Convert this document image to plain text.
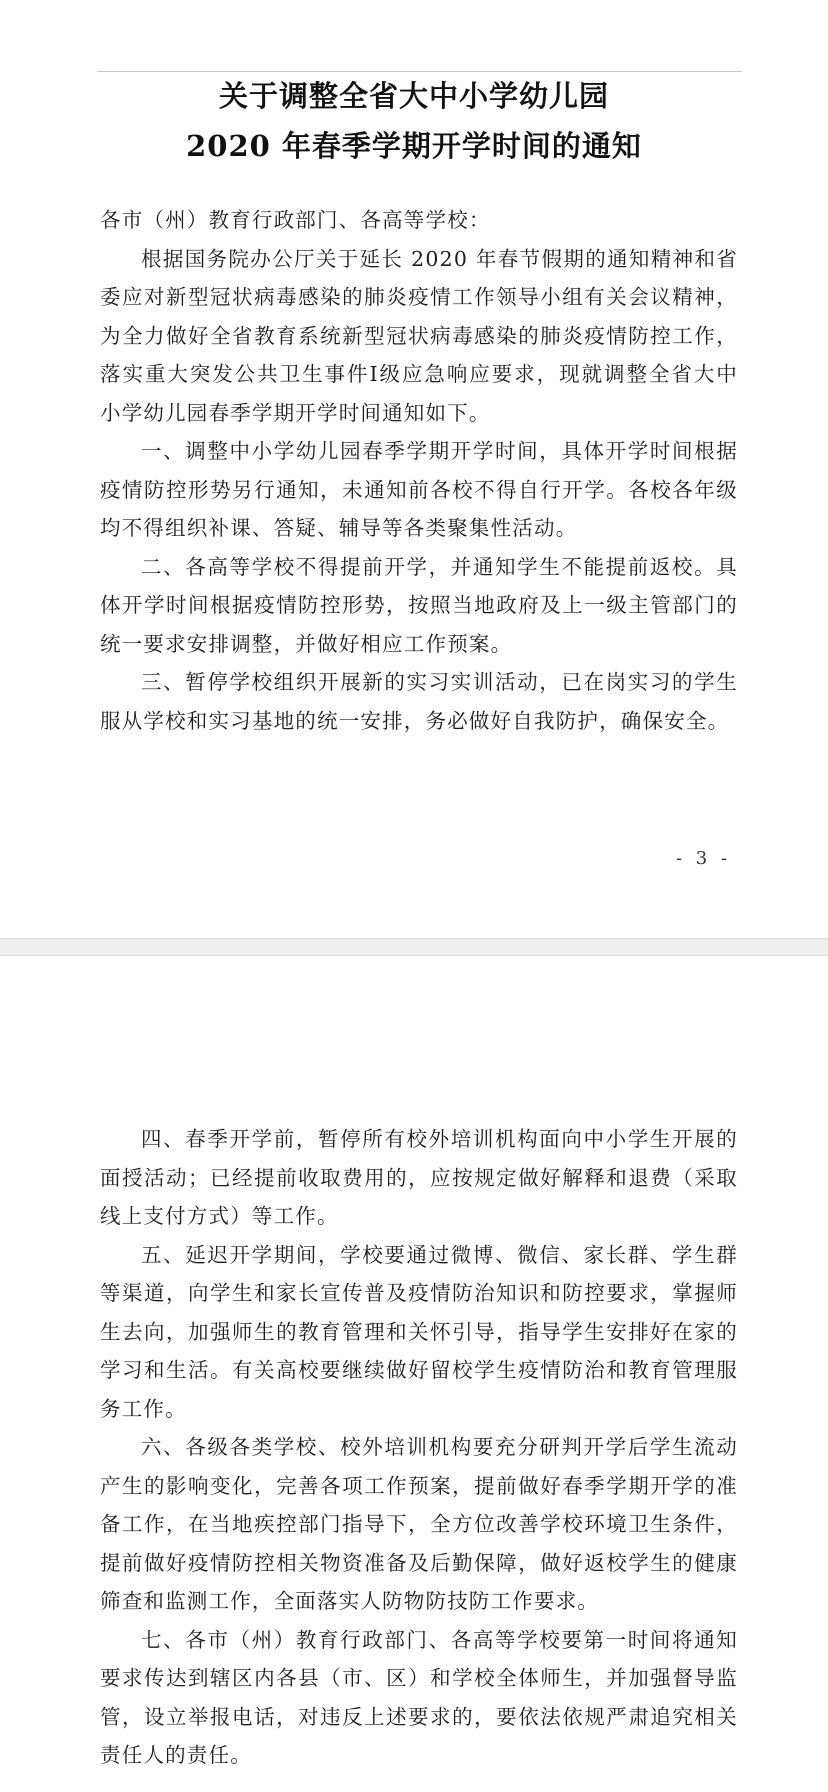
关于调整全省大中小学幼儿园
2020 年春季学期开学时间的通知

各市（州）教育行政部门、各高等学校：

根据国务院办公厅关于延长 2020 年春节假期的通知精神和省委应对新型冠状病毒感染的肺炎疫情工作领导小组有关会议精神，为全力做好全省教育系统新型冠状病毒感染的肺炎疫情防控工作，落实重大突发公共卫生事件Ⅰ级应急响应要求，现就调整全省大中小学幼儿园春季学期开学时间通知如下。

一、调整中小学幼儿园春季学期开学时间，具体开学时间根据疫情防控形势另行通知，未通知前各校不得自行开学。各校各年级均不得组织补课、答疑、辅导等各类聚集性活动。

二、各高等学校不得提前开学，并通知学生不能提前返校。具体开学时间根据疫情防控形势，按照当地政府及上一级主管部门的统一要求安排调整，并做好相应工作预案。

三、暂停学校组织开展新的实习实训活动，已在岗实习的学生服从学校和实习基地的统一安排，务必做好自我防护，确保安全。

- 3 -

四、春季开学前，暂停所有校外培训机构面向中小学生开展的面授活动；已经提前收取费用的，应按规定做好解释和退费（采取线上支付方式）等工作。

五、延迟开学期间，学校要通过微博、微信、家长群、学生群等渠道，向学生和家长宣传普及疫情防治知识和防控要求，掌握师生去向，加强师生的教育管理和关怀引导，指导学生安排好在家的学习和生活。有关高校要继续做好留校学生疫情防治和教育管理服务工作。

六、各级各类学校、校外培训机构要充分研判开学后学生流动产生的影响变化，完善各项工作预案，提前做好春季学期开学的准备工作，在当地疾控部门指导下，全方位改善学校环境卫生条件，提前做好疫情防控相关物资准备及后勤保障，做好返校学生的健康筛查和监测工作，全面落实人防物防技防工作要求。

七、各市（州）教育行政部门、各高等学校要第一时间将通知要求传达到辖区内各县（市、区）和学校全体师生，并加强督导监管，设立举报电话，对违反上述要求的，要依法依规严肃追究相关责任人的责任。
